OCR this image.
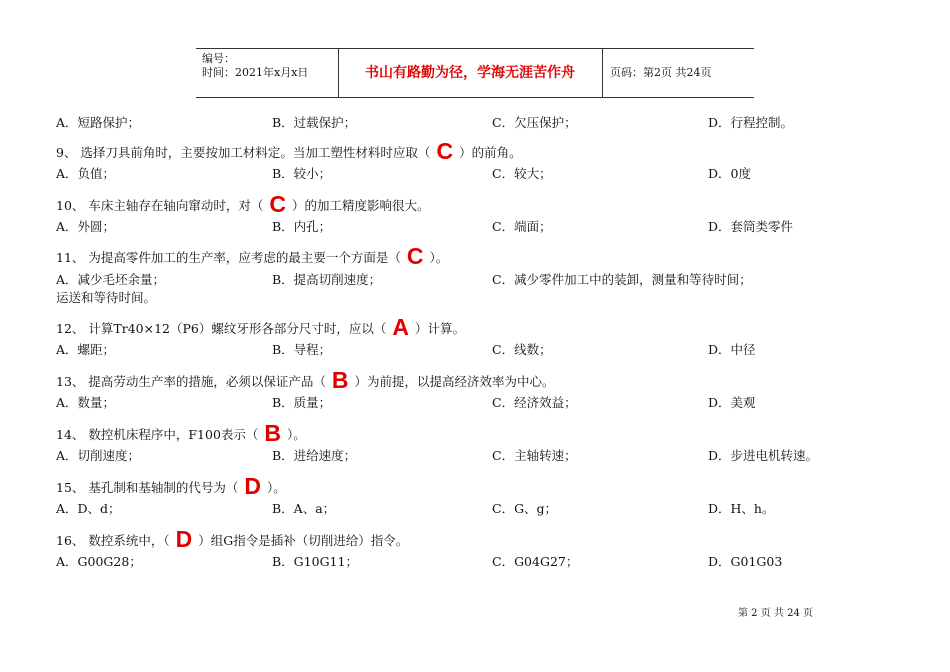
编号：
时间：2021年x月x日	书山有路勤为径，学海无涯苦作舟	页码：第2页 共24页
A．短路保护；	B．过载保护；	C．欠压保护；	D．行程控制。
9、 选择刀具前角时，主要按加工材料定。当加工塑性材料时应取（ C ）的前角。
A．负值；	B．较小；	C．较大；	D．0度
10、 车床主轴存在轴向窜动时，对（ C ）的加工精度影响很大。
A．外圆；	B．内孔；	C．端面；	D．套筒类零件
11、 为提高零件加工的生产率，应考虑的最主要一个方面是（ C ）。
A．减少毛坯余量；	B．提高切削速度；	C．减少零件加工中的装卸，测量和等待时间；
运送和等待时间。
12、 计算Tr40×12（P6）螺纹牙形各部分尺寸时，应以（ A ）计算。
A．螺距；	B．导程；	C．线数；	D．中径
13、 提高劳动生产率的措施，必须以保证产品（ B ）为前提，以提高经济效率为中心。
A．数量；	B．质量；	C．经济效益；	D．美观
14、 数控机床程序中，F100表示（ B ）。
A．切削速度；	B．进给速度；	C．主轴转速；	D．步进电机转速。
15、 基孔制和基轴制的代号为（ D ）。
A．D、d；	B．A、a；	C．G、g；	D．H、h。
16、 数控系统中，（ D ）组G指令是插补（切削进给）指令。
A．G00G28；	B．G10G11；	C．G04G27；	D．G01G03
第 2 页 共 24 页
